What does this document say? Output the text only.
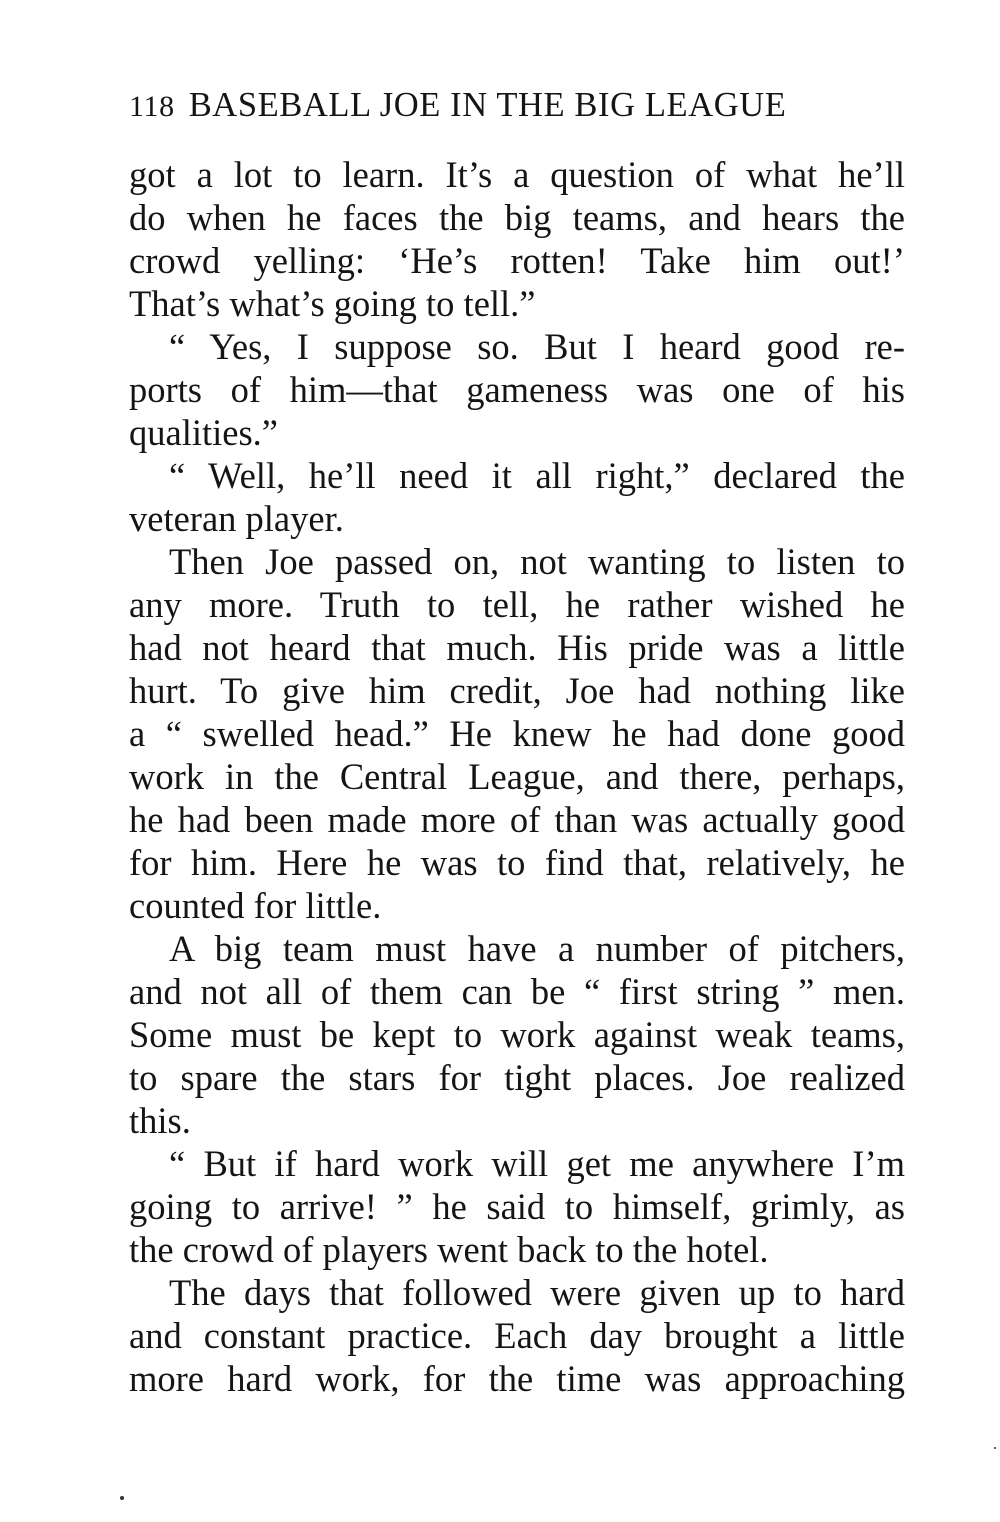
118 BASEBALL JOE IN THE BIG LEAGUE
got a lot to learn. It’s a question of what he’ll
do when he faces the big teams, and hears the
crowd yelling: ‘He’s rotten! Take him out!’
That’s what’s going to tell.”
“ Yes, I suppose so. But I heard good re-
ports of him—that gameness was one of his
qualities.”
“ Well, he’ll need it all right,” declared the
veteran player.
Then Joe passed on, not wanting to listen to
any more. Truth to tell, he rather wished he
had not heard that much. His pride was a little
hurt. To give him credit, Joe had nothing like
a “ swelled head.” He knew he had done good
work in the Central League, and there, perhaps,
he had been made more of than was actually good
for him. Here he was to find that, relatively, he
counted for little.
A big team must have a number of pitchers,
and not all of them can be “ first string ” men.
Some must be kept to work against weak teams,
to spare the stars for tight places. Joe realized
this.
“ But if hard work will get me anywhere I’m
going to arrive! ” he said to himself, grimly, as
the crowd of players went back to the hotel.
The days that followed were given up to hard
and constant practice. Each day brought a little
more hard work, for the time was approaching
